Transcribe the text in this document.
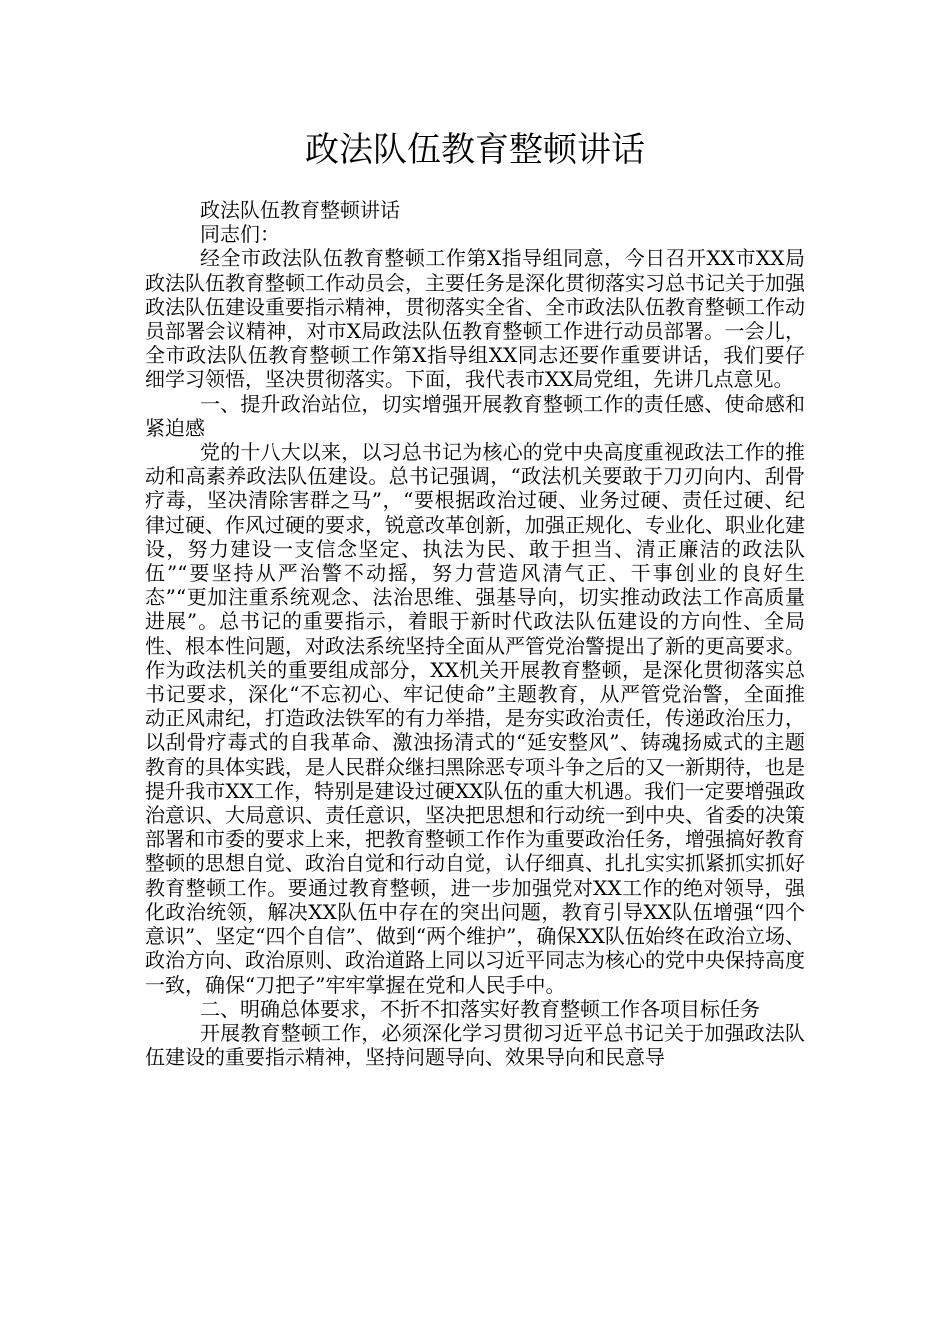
政法队伍教育整顿讲话

政法队伍教育整顿讲话

同志们：

经全市政法队伍教育整顿工作第X指导组同意，今日召开XX市XX局政法队伍教育整顿工作动员会，主要任务是深化贯彻落实习总书记关于加强政法队伍建设重要指示精神，贯彻落实全省、全市政法队伍教育整顿工作动员部署会议精神，对市X局政法队伍教育整顿工作进行动员部署。一会儿，全市政法队伍教育整顿工作第X指导组XX同志还要作重要讲话，我们要仔细学习领悟，坚决贯彻落实。下面，我代表市XX局党组，先讲几点意见。

一、提升政治站位，切实增强开展教育整顿工作的责任感、使命感和紧迫感

党的十八大以来，以习总书记为核心的党中央高度重视政法工作的推动和高素养政法队伍建设。总书记强调，“政法机关要敢于刀刃向内、刮骨疗毒，坚决清除害群之马”，“要根据政治过硬、业务过硬、责任过硬、纪律过硬、作风过硬的要求，锐意改革创新，加强正规化、专业化、职业化建设，努力建设一支信念坚定、执法为民、敢于担当、清正廉洁的政法队伍”“要坚持从严治警不动摇，努力营造风清气正、干事创业的良好生态”“更加注重系统观念、法治思维、强基导向，切实推动政法工作高质量进展”。总书记的重要指示，着眼于新时代政法队伍建设的方向性、全局性、根本性问题，对政法系统坚持全面从严管党治警提出了新的更高要求。作为政法机关的重要组成部分，XX机关开展教育整顿，是深化贯彻落实总书记要求，深化“不忘初心、牢记使命”主题教育，从严管党治警，全面推动正风肃纪，打造政法铁军的有力举措，是夯实政治责任，传递政治压力，以刮骨疗毒式的自我革命、激浊扬清式的“延安整风”、铸魂扬威式的主题教育的具体实践，是人民群众继扫黑除恶专项斗争之后的又一新期待，也是提升我市XX工作，特别是建设过硬XX队伍的重大机遇。我们一定要增强政治意识、大局意识、责任意识，坚决把思想和行动统一到中央、省委的决策部署和市委的要求上来，把教育整顿工作作为重要政治任务，增强搞好教育整顿的思想自觉、政治自觉和行动自觉，认仔细真、扎扎实实抓紧抓实抓好教育整顿工作。要通过教育整顿，进一步加强党对XX工作的绝对领导，强化政治统领，解决XX队伍中存在的突出问题，教育引导XX队伍增强“四个意识”、坚定“四个自信”、做到“两个维护”，确保XX队伍始终在政治立场、政治方向、政治原则、政治道路上同以习近平同志为核心的党中央保持高度一致，确保“刀把子”牢牢掌握在党和人民手中。

二、明确总体要求，不折不扣落实好教育整顿工作各项目标任务

开展教育整顿工作，必须深化学习贯彻习近平总书记关于加强政法队伍建设的重要指示精神，坚持问题导向、效果导向和民意导
